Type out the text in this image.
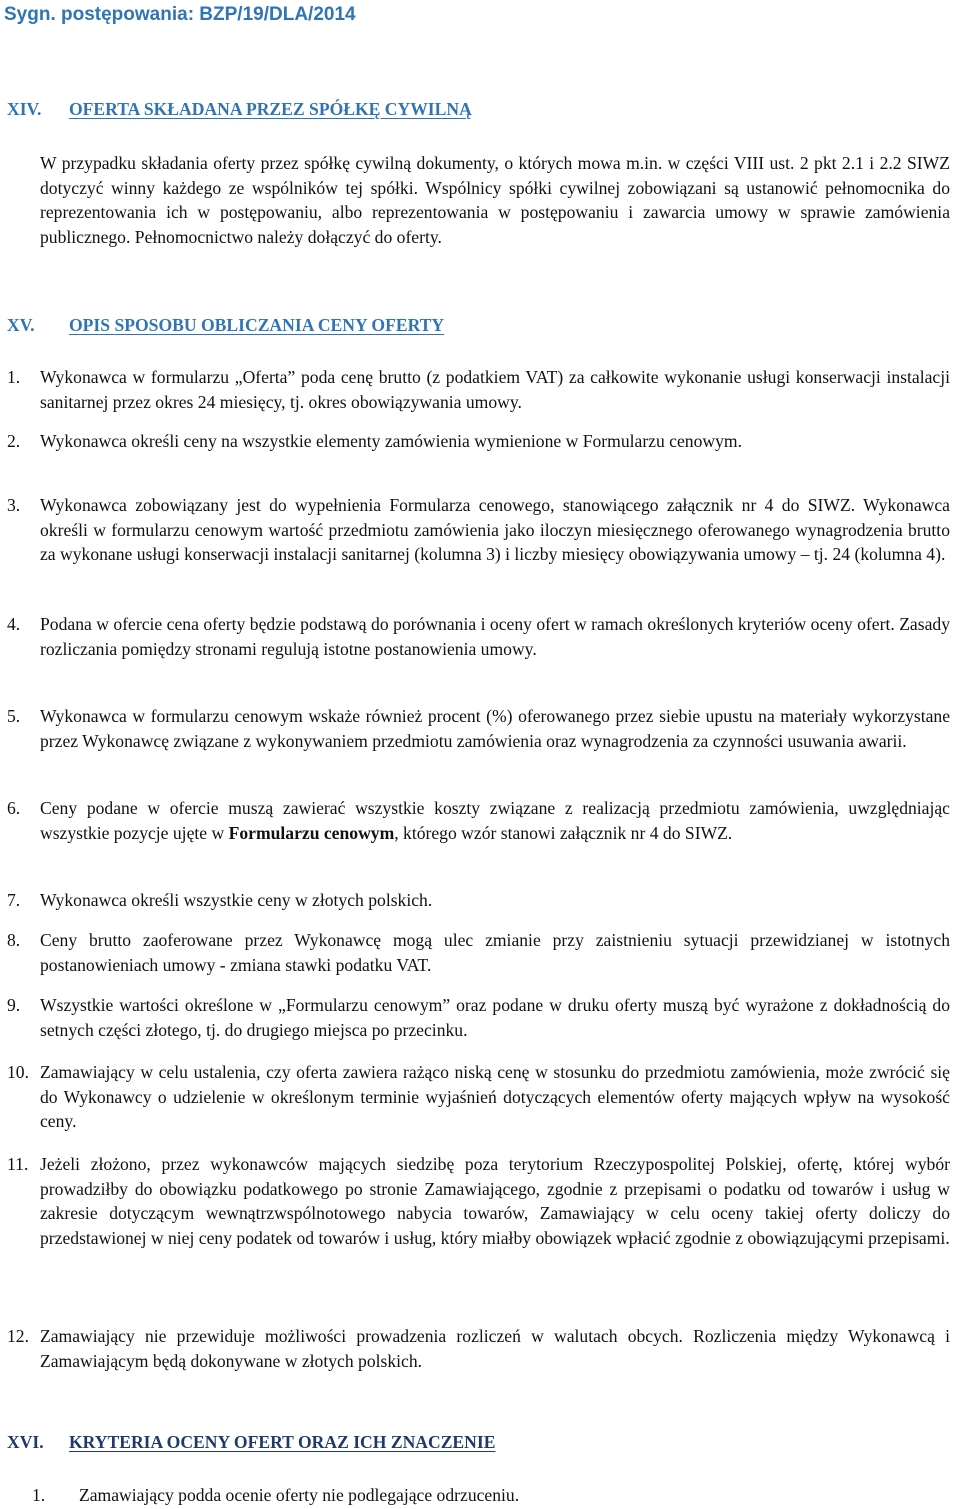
Sygn. postępowania: BZP/19/DLA/2014
XIV. OFERTA SKŁADANA PRZEZ SPÓŁKĘ CYWILNĄ
W przypadku składania oferty przez spółkę cywilną dokumenty, o których mowa m.in. w części VIII ust. 2 pkt 2.1 i 2.2 SIWZ dotyczyć winny każdego ze wspólników tej spółki. Wspólnicy spółki cywilnej zobowiązani są ustanowić pełnomocnika do reprezentowania ich w postępowaniu, albo reprezentowania w postępowaniu i zawarcia umowy w sprawie zamówienia publicznego. Pełnomocnictwo należy dołączyć do oferty.
XV. OPIS SPOSOBU OBLICZANIA CENY OFERTY
1.	Wykonawca w formularzu „Oferta” poda cenę brutto (z podatkiem VAT) za całkowite wykonanie usługi konserwacji instalacji sanitarnej przez okres 24 miesięcy, tj. okres obowiązywania umowy.
2.	Wykonawca określi ceny na wszystkie elementy zamówienia wymienione w Formularzu cenowym.
3.	Wykonawca zobowiązany jest do wypełnienia Formularza cenowego, stanowiącego załącznik nr 4 do SIWZ. Wykonawca określi w formularzu cenowym wartość przedmiotu zamówienia jako iloczyn miesięcznego oferowanego wynagrodzenia brutto za wykonane usługi konserwacji instalacji sanitarnej (kolumna 3) i liczby miesięcy obowiązywania umowy – tj. 24 (kolumna 4).
4.	Podana w ofercie cena oferty będzie podstawą do porównania i oceny ofert w ramach określonych kryteriów oceny ofert. Zasady rozliczania pomiędzy stronami regulują istotne postanowienia umowy.
5.	Wykonawca w formularzu cenowym wskaże również procent (%) oferowanego przez siebie upustu na materiały wykorzystane przez Wykonawcę związane z wykonywaniem przedmiotu zamówienia oraz wynagrodzenia za czynności usuwania awarii.
6.	Ceny podane w ofercie muszą zawierać wszystkie koszty związane z realizacją przedmiotu zamówienia, uwzględniając wszystkie pozycje ujęte w Formularzu cenowym, którego wzór stanowi załącznik nr 4 do SIWZ.
7.	Wykonawca określi wszystkie ceny w złotych polskich.
8.	Ceny brutto zaoferowane przez Wykonawcę mogą ulec zmianie przy zaistnieniu sytuacji przewidzianej w istotnych postanowieniach umowy - zmiana stawki podatku VAT.
9.	Wszystkie wartości określone w „Formularzu cenowym” oraz podane w druku oferty muszą być wyrażone z dokładnością do setnych części złotego, tj. do drugiego miejsca po przecinku.
10. Zamawiający w celu ustalenia, czy oferta zawiera rażąco niską cenę w stosunku do przedmiotu zamówienia, może zwrócić się do Wykonawcy o udzielenie w określonym terminie wyjaśnień dotyczących elementów oferty mających wpływ na wysokość ceny.
11. Jeżeli złożono, przez wykonawców mających siedzibę poza terytorium Rzeczypospolitej Polskiej, ofertę, której wybór prowadziłby do obowiązku podatkowego po stronie Zamawiającego, zgodnie z przepisami o podatku od towarów i usług w zakresie dotyczącym wewnątrzwspólnotowego nabycia towarów, Zamawiający w celu oceny takiej oferty doliczy do przedstawionej w niej ceny podatek od towarów i usług, który miałby obowiązek wpłacić zgodnie z obowiązującymi przepisami.
12. Zamawiający nie przewiduje możliwości prowadzenia rozliczeń w walutach obcych. Rozliczenia między Wykonawcą i Zamawiającym będą dokonywane w złotych polskich.
XVI. KRYTERIA OCENY OFERT ORAZ ICH ZNACZENIE
1.	Zamawiający podda ocenie oferty nie podlegające odrzuceniu.
